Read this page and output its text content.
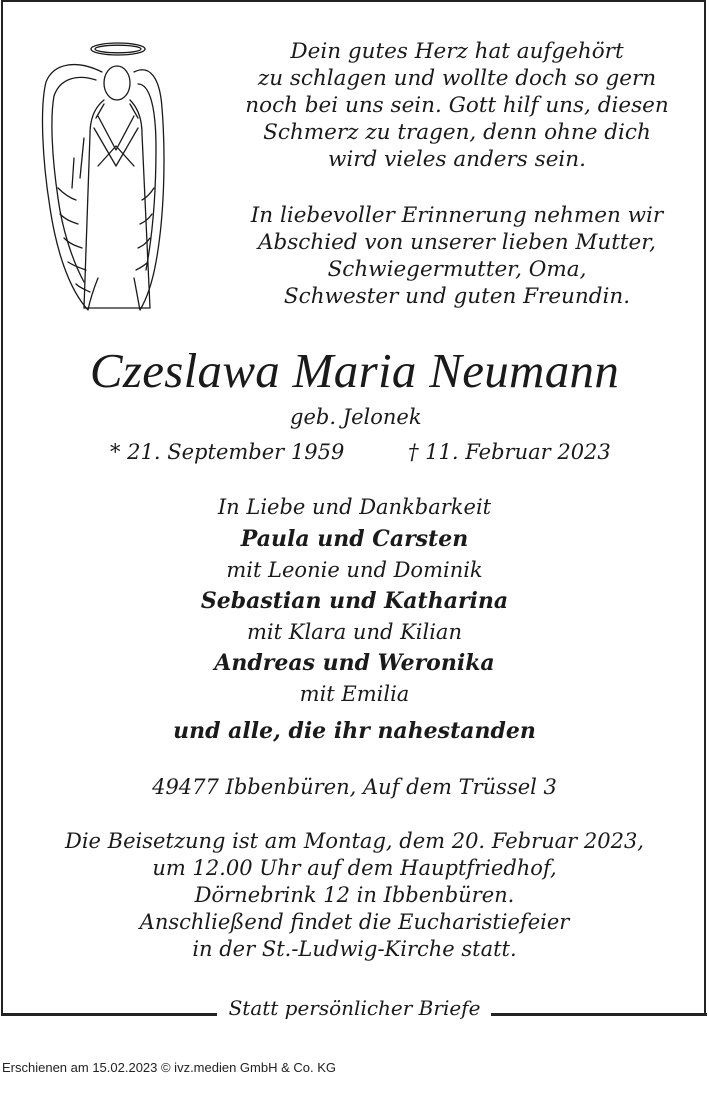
Dein gutes Herz hat aufgehört
zu schlagen und wollte doch so gern
noch bei uns sein. Gott hilf uns, diesen
Schmerz zu tragen, denn ohne dich
wird vieles anders sein.
In liebevoller Erinnerung nehmen wir
Abschied von unserer lieben Mutter,
Schwiegermutter, Oma,
Schwester und guten Freundin.
Czeslawa Maria Neumann
geb. Jelonek
* 21. September 1959	† 11. Februar 2023
In Liebe und Dankbarkeit
Paula und Carsten
mit Leonie und Dominik
Sebastian und Katharina
mit Klara und Kilian
Andreas und Weronika
mit Emilia
und alle, die ihr nahestanden
49477 Ibbenbüren, Auf dem Trüssel 3
Die Beisetzung ist am Montag, dem 20. Februar 2023,
um 12.00 Uhr auf dem Hauptfriedhof,
Dörnebrink 12 in Ibbenbüren.
Anschließend findet die Eucharistiefeier
in der St.-Ludwig-Kirche statt.
Statt persönlicher Briefe
Erschienen am 15.02.2023 © ivz.medien GmbH & Co. KG
